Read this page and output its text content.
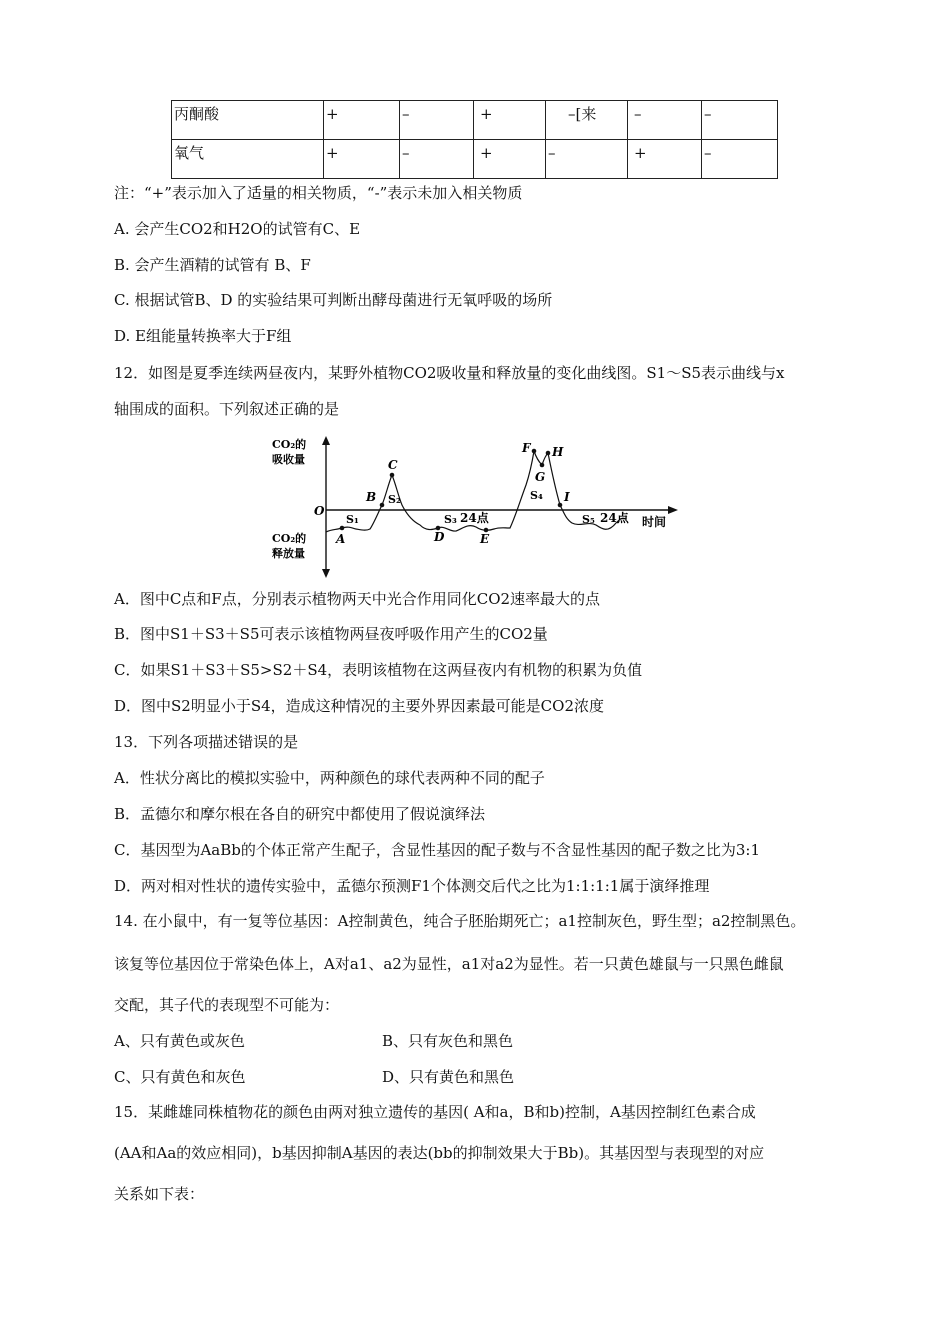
丙酮酸	+	–	+	–[来	–	–
氧气	+	–	+	–	+	–
注：“+”表示加入了适量的相关物质，“-”表示未加入相关物质
A. 会产生CO2和H2O的试管有C、E
B. 会产生酒精的试管有 B、F
C. 根据试管B、D 的实验结果可判断出酵母菌进行无氧呼吸的场所
D. E组能量转换率大于F组
12．如图是夏季连续两昼夜内，某野外植物CO2吸收量和释放量的变化曲线图。S1～S5表示曲线与x
轴围成的面积。下列叙述正确的是
CO₂的
吸收量
CO₂的
释放量
O
时间
A
B
C
D	E
F
G
H
I
S₁
S₂
S₃
S₄
S₅
24点	24点
A．图中C点和F点，分别表示植物两天中光合作用同化CO2速率最大的点
B．图中S1＋S3＋S5可表示该植物两昼夜呼吸作用产生的CO2量
C．如果S1＋S3＋S5>S2＋S4，表明该植物在这两昼夜内有机物的积累为负值
D．图中S2明显小于S4，造成这种情况的主要外界因素最可能是CO2浓度
13．下列各项描述错误的是
A．性状分离比的模拟实验中，两种颜色的球代表两种不同的配子
B．孟德尔和摩尔根在各自的研究中都使用了假说演绎法
C．基因型为AaBb的个体正常产生配子，含显性基因的配子数与不含显性基因的配子数之比为3:1
D．两对相对性状的遗传实验中，孟德尔预测F1个体测交后代之比为1:1:1:1属于演绎推理
14. 在小鼠中，有一复等位基因：A控制黄色，纯合子胚胎期死亡；a1控制灰色，野生型；a2控制黑色。
该复等位基因位于常染色体上，A对a1、a2为显性，a1对a2为显性。若一只黄色雄鼠与一只黑色雌鼠
交配，其子代的表现型不可能为：
A、只有黄色或灰色	B、只有灰色和黑色
C、只有黄色和灰色	D、只有黄色和黑色
15．某雌雄同株植物花的颜色由两对独立遗传的基因( A和a，B和b)控制，A基因控制红色素合成
(AA和Aa的效应相同)，b基因抑制A基因的表达(bb的抑制效果大于Bb)。其基因型与表现型的对应
关系如下表：
